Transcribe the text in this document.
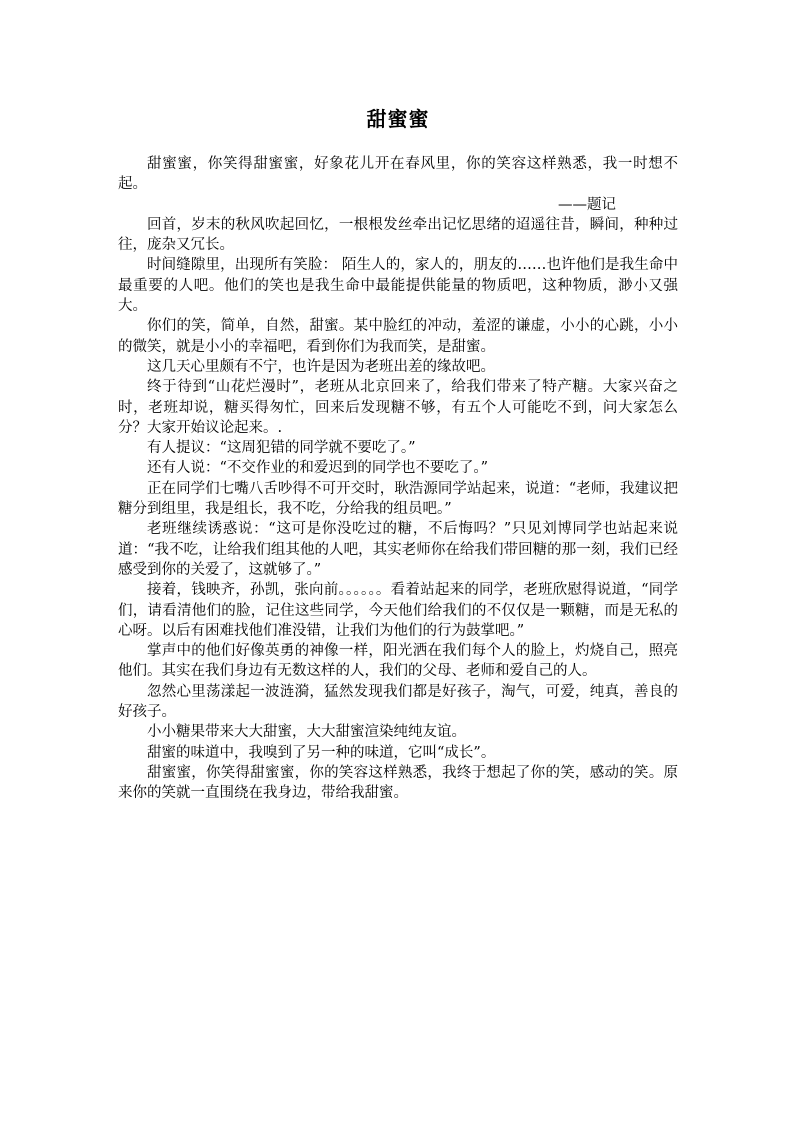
甜蜜蜜

甜蜜蜜，你笑得甜蜜蜜，好象花儿开在春风里，你的笑容这样熟悉，我一时想不起。

——题记

回首，岁末的秋风吹起回忆，一根根发丝牵出记忆思绪的迢遥往昔，瞬间，种种过往，庞杂又冗长。

时间缝隙里，出现所有笑脸： 陌生人的，家人的，朋友的……也许他们是我生命中最重要的人吧。他们的笑也是我生命中最能提供能量的物质吧，这种物质，渺小又强大。

你们的笑，简单，自然，甜蜜。某中脸红的冲动，羞涩的谦虚，小小的心跳，小小的微笑，就是小小的幸福吧，看到你们为我而笑，是甜蜜。

这几天心里颇有不宁，也许是因为老班出差的缘故吧。

终于待到“山花烂漫时”，老班从北京回来了，给我们带来了特产糖。大家兴奋之时，老班却说，糖买得匆忙，回来后发现糖不够，有五个人可能吃不到，问大家怎么分？大家开始议论起来。.

有人提议：“这周犯错的同学就不要吃了。”

还有人说：“不交作业的和爱迟到的同学也不要吃了。”

正在同学们七嘴八舌吵得不可开交时，耿浩源同学站起来，说道：“老师，我建议把糖分到组里，我是组长，我不吃，分给我的组员吧。”

老班继续诱惑说：“这可是你没吃过的糖，不后悔吗？”只见刘博同学也站起来说道：“我不吃，让给我们组其他的人吧，其实老师你在给我们带回糖的那一刻，我们已经感受到你的关爱了，这就够了。”

接着，钱映齐，孙凯，张向前。。。。。。看着站起来的同学，老班欣慰得说道，“同学们，请看清他们的脸，记住这些同学，今天他们给我们的不仅仅是一颗糖，而是无私的心呀。以后有困难找他们准没错，让我们为他们的行为鼓掌吧。”

掌声中的他们好像英勇的神像一样，阳光洒在我们每个人的脸上，灼烧自己，照亮他们。其实在我们身边有无数这样的人，我们的父母、老师和爱自己的人。

忽然心里荡漾起一波涟漪，猛然发现我们都是好孩子，淘气，可爱，纯真，善良的好孩子。

小小糖果带来大大甜蜜，大大甜蜜渲染纯纯友谊。

甜蜜的味道中，我嗅到了另一种的味道，它叫“成长”。

甜蜜蜜，你笑得甜蜜蜜，你的笑容这样熟悉，我终于想起了你的笑，感动的笑。原来你的笑就一直围绕在我身边，带给我甜蜜。
